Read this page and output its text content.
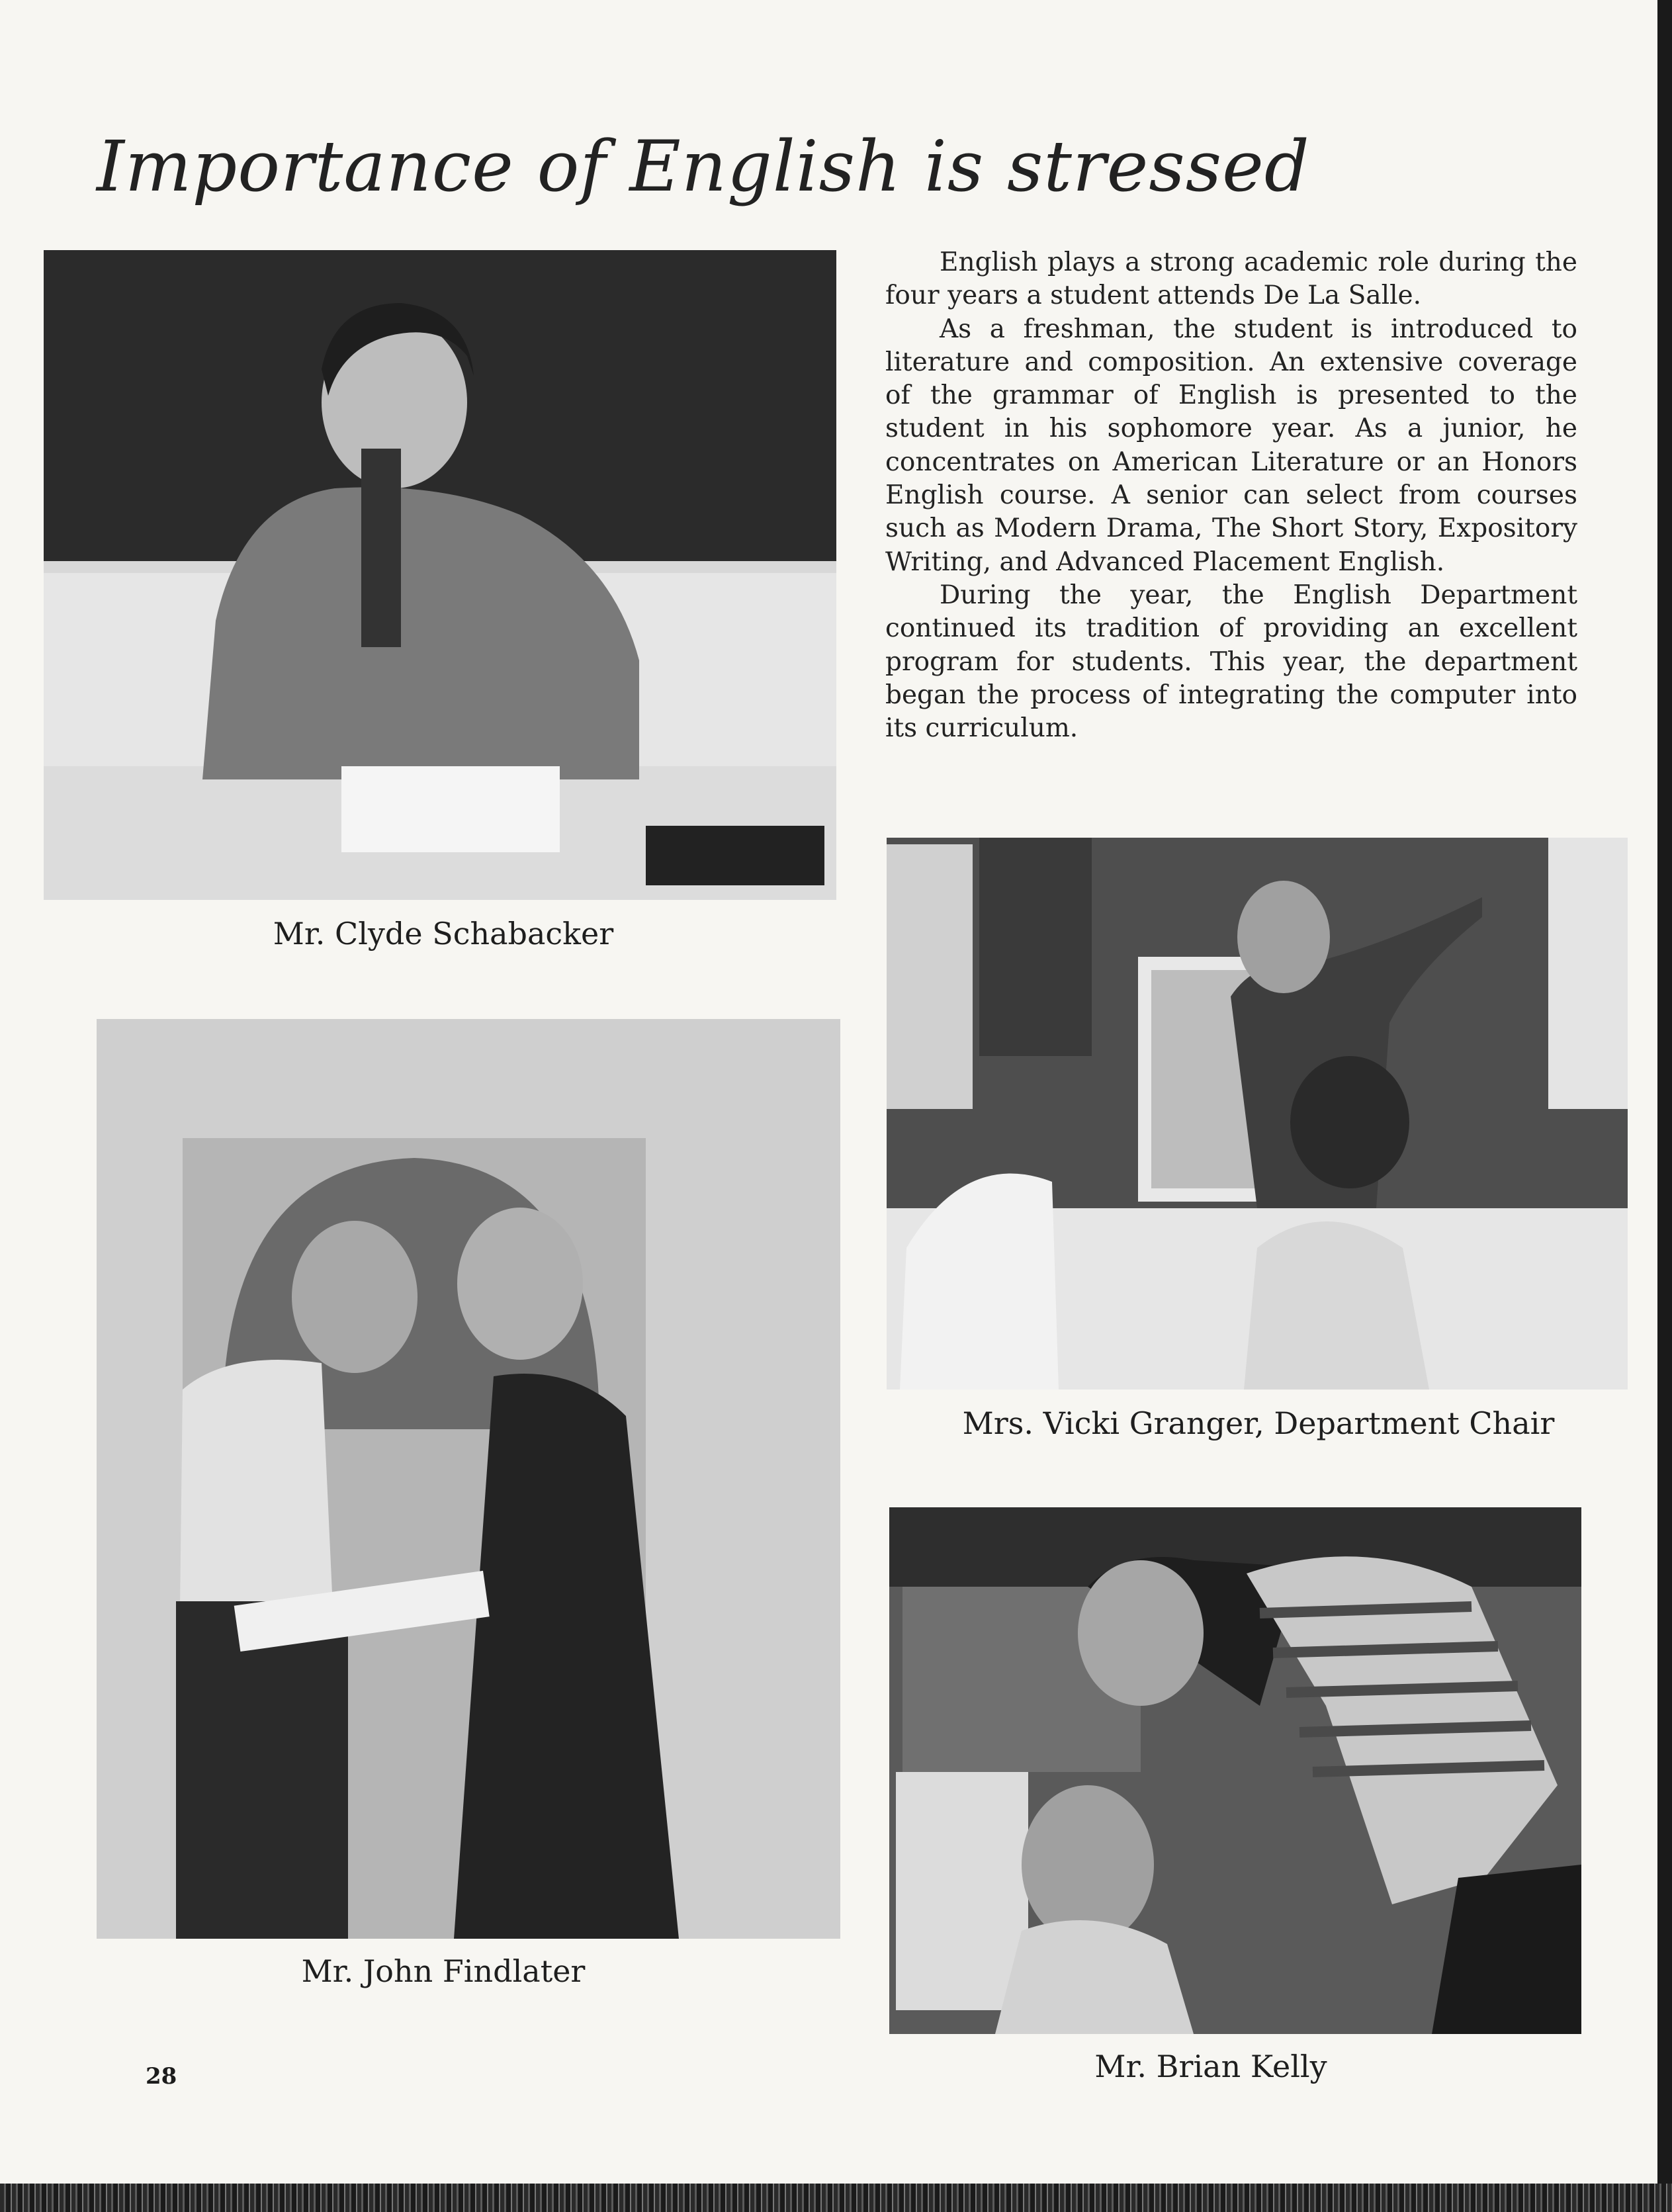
Importance of English is stressed
Mr. Clyde Schabacker
Mr. John Findlater
Mrs. Vicki Granger, Department Chair
Mr. Brian Kelly

English plays a strong academic role during the four years a student attends De La Salle.

As a freshman, the student is introduced to literature and composition. An extensive coverage of the grammar of English is presented to the student in his sophomore year. As a junior, he concentrates on American Literature or an Honors English course. A senior can select from courses such as Modern Drama, The Short Story, Expository Writing, and Advanced Placement English.

During the year, the English Department continued its tradition of providing an excellent program for students. This year, the department began the process of integrating the computer into its curriculum.

28
